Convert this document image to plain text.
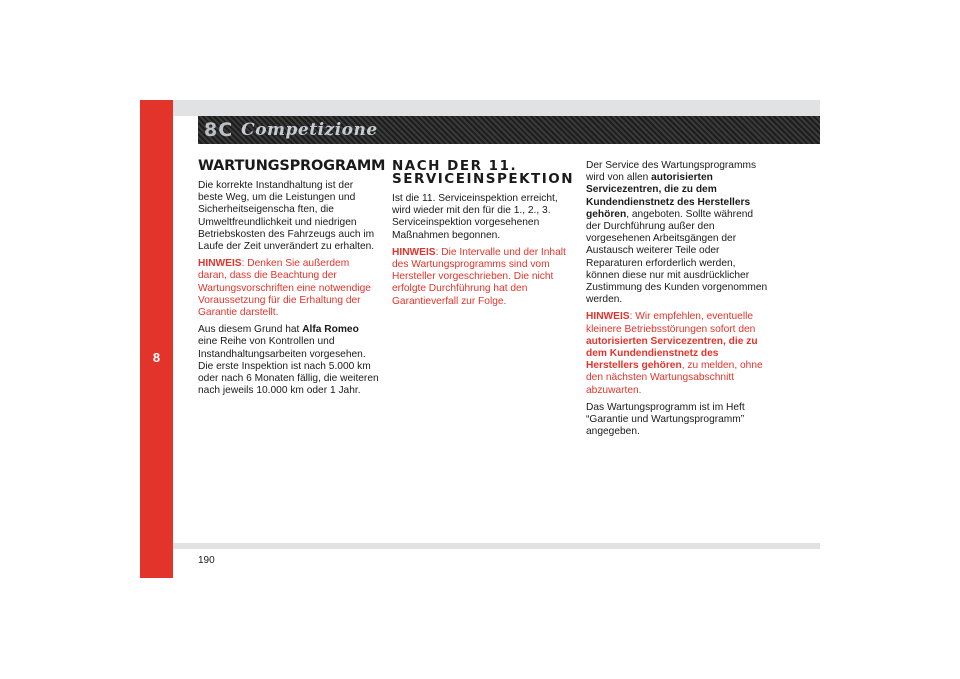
8
8C Competizione
WARTUNGSPROGRAMM

Die korrekte Instandhaltung ist der beste Weg, um die Leistungen und Sicherheitseigenscha ften, die Umweltfreundlichkeit und niedrigen Betriebskosten des Fahrzeugs auch im Laufe der Zeit unverändert zu erhalten.

HINWEIS: Denken Sie außerdem daran, dass die Beachtung der Wartungsvorschriften eine notwendige Voraussetzung für die Erhaltung der Garantie darstellt.

Aus diesem Grund hat Alfa Romeo eine Reihe von Kontrollen und Instandhaltungsarbeiten vorgesehen. Die erste Inspektion ist nach 5.000 km oder nach 6 Monaten fällig, die weiteren nach jeweils 10.000 km oder 1 Jahr.

NACH DER 11. SERVICEINSPEKTION

Ist die 11. Serviceinspektion erreicht, wird wieder mit den für die 1., 2., 3. Serviceinspektion vorgesehenen Maßnahmen begonnen.

HINWEIS: Die Intervalle und der Inhalt des Wartungsprogramms sind vom Hersteller vorgeschrieben. Die nicht erfolgte Durchführung hat den Garantieverfall zur Folge.

Der Service des Wartungsprogramms wird von allen autorisierten Servicezentren, die zu dem Kundendienstnetz des Herstellers gehören, angeboten. Sollte während der Durchführung außer den vorgesehenen Arbeitsgängen der Austausch weiterer Teile oder Reparaturen erforderlich werden, können diese nur mit ausdrücklicher Zustimmung des Kunden vorgenommen werden.

HINWEIS: Wir empfehlen, eventuelle kleinere Betriebsstörungen sofort den autorisierten Servicezentren, die zu dem Kundendienstnetz des Herstellers gehören, zu melden, ohne den nächsten Wartungsabschnitt abzuwarten.

Das Wartungsprogramm ist im Heft “Garantie und Wartungsprogramm” angegeben.

190
